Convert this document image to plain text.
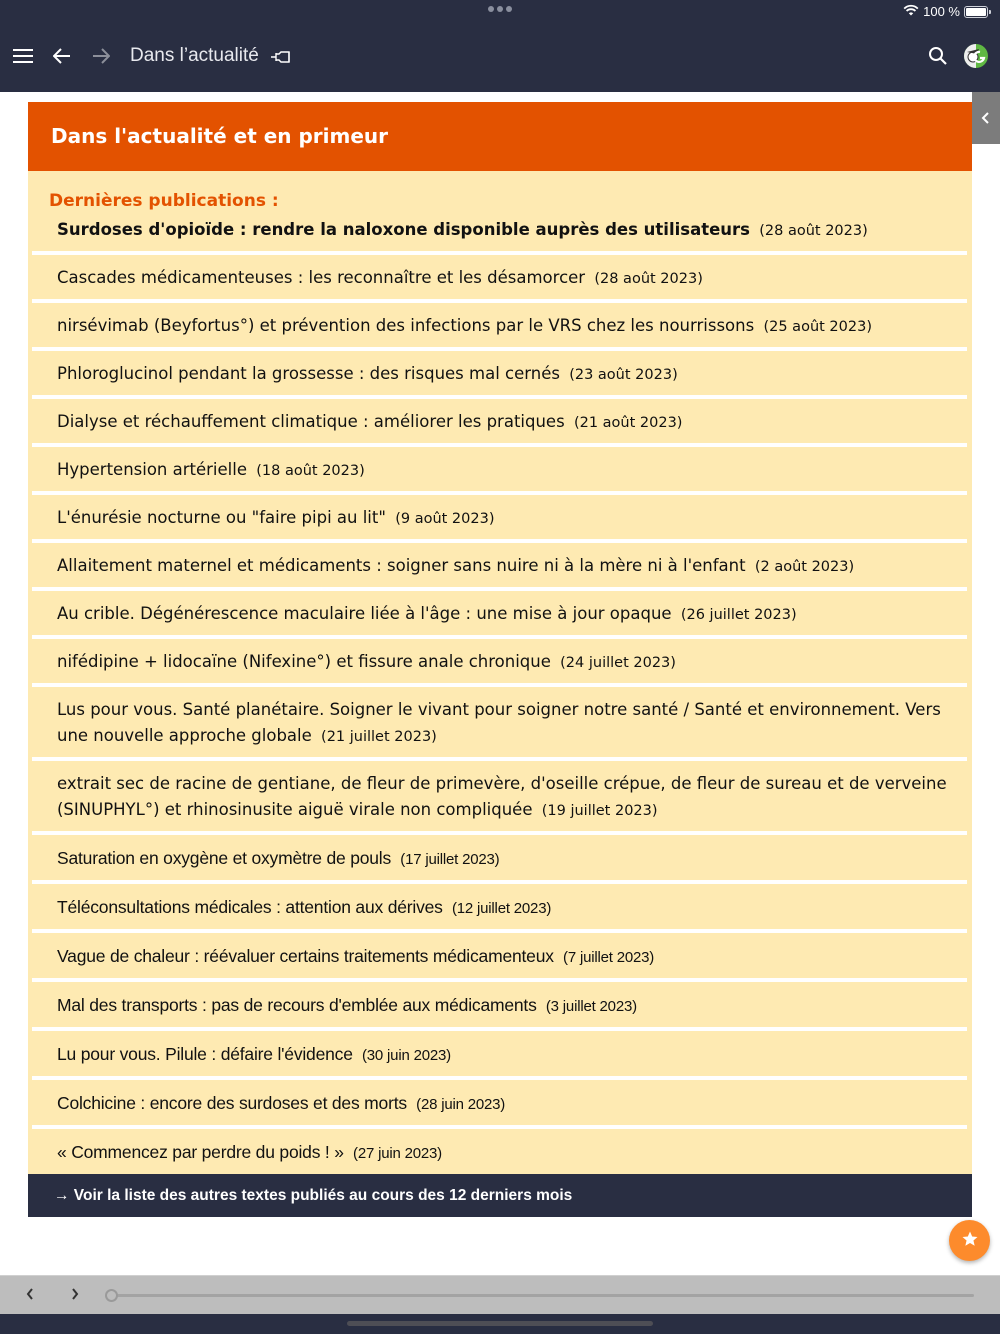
100 %
Dans l’actualité
Dans l'actualité et en primeur
Dernières publications :
Surdoses d'opioïde : rendre la naloxone disponible auprès des utilisateurs (28 août 2023)
Cascades médicamenteuses : les reconnaître et les désamorcer (28 août 2023)
nirsévimab (Beyfortus°) et prévention des infections par le VRS chez les nourrissons (25 août 2023)
Phloroglucinol pendant la grossesse : des risques mal cernés (23 août 2023)
Dialyse et réchauffement climatique : améliorer les pratiques (21 août 2023)
Hypertension artérielle (18 août 2023)
L'énurésie nocturne ou "faire pipi au lit" (9 août 2023)
Allaitement maternel et médicaments : soigner sans nuire ni à la mère ni à l'enfant (2 août 2023)
Au crible. Dégénérescence maculaire liée à l'âge : une mise à jour opaque (26 juillet 2023)
nifédipine + lidocaïne (Nifexine°) et fissure anale chronique (24 juillet 2023)
Lus pour vous. Santé planétaire. Soigner le vivant pour soigner notre santé / Santé et environnement. Vers une nouvelle approche globale (21 juillet 2023)
extrait sec de racine de gentiane, de fleur de primevère, d'oseille crépue, de fleur de sureau et de verveine (SINUPHYL°) et rhinosinusite aiguë virale non compliquée (19 juillet 2023)
Saturation en oxygène et oxymètre de pouls (17 juillet 2023)
Téléconsultations médicales : attention aux dérives (12 juillet 2023)
Vague de chaleur : réévaluer certains traitements médicamenteux (7 juillet 2023)
Mal des transports : pas de recours d'emblée aux médicaments (3 juillet 2023)
Lu pour vous. Pilule : défaire l'évidence (30 juin 2023)
Colchicine : encore des surdoses et des morts (28 juin 2023)
« Commencez par perdre du poids ! » (27 juin 2023)
→ Voir la liste des autres textes publiés au cours des 12 derniers mois
